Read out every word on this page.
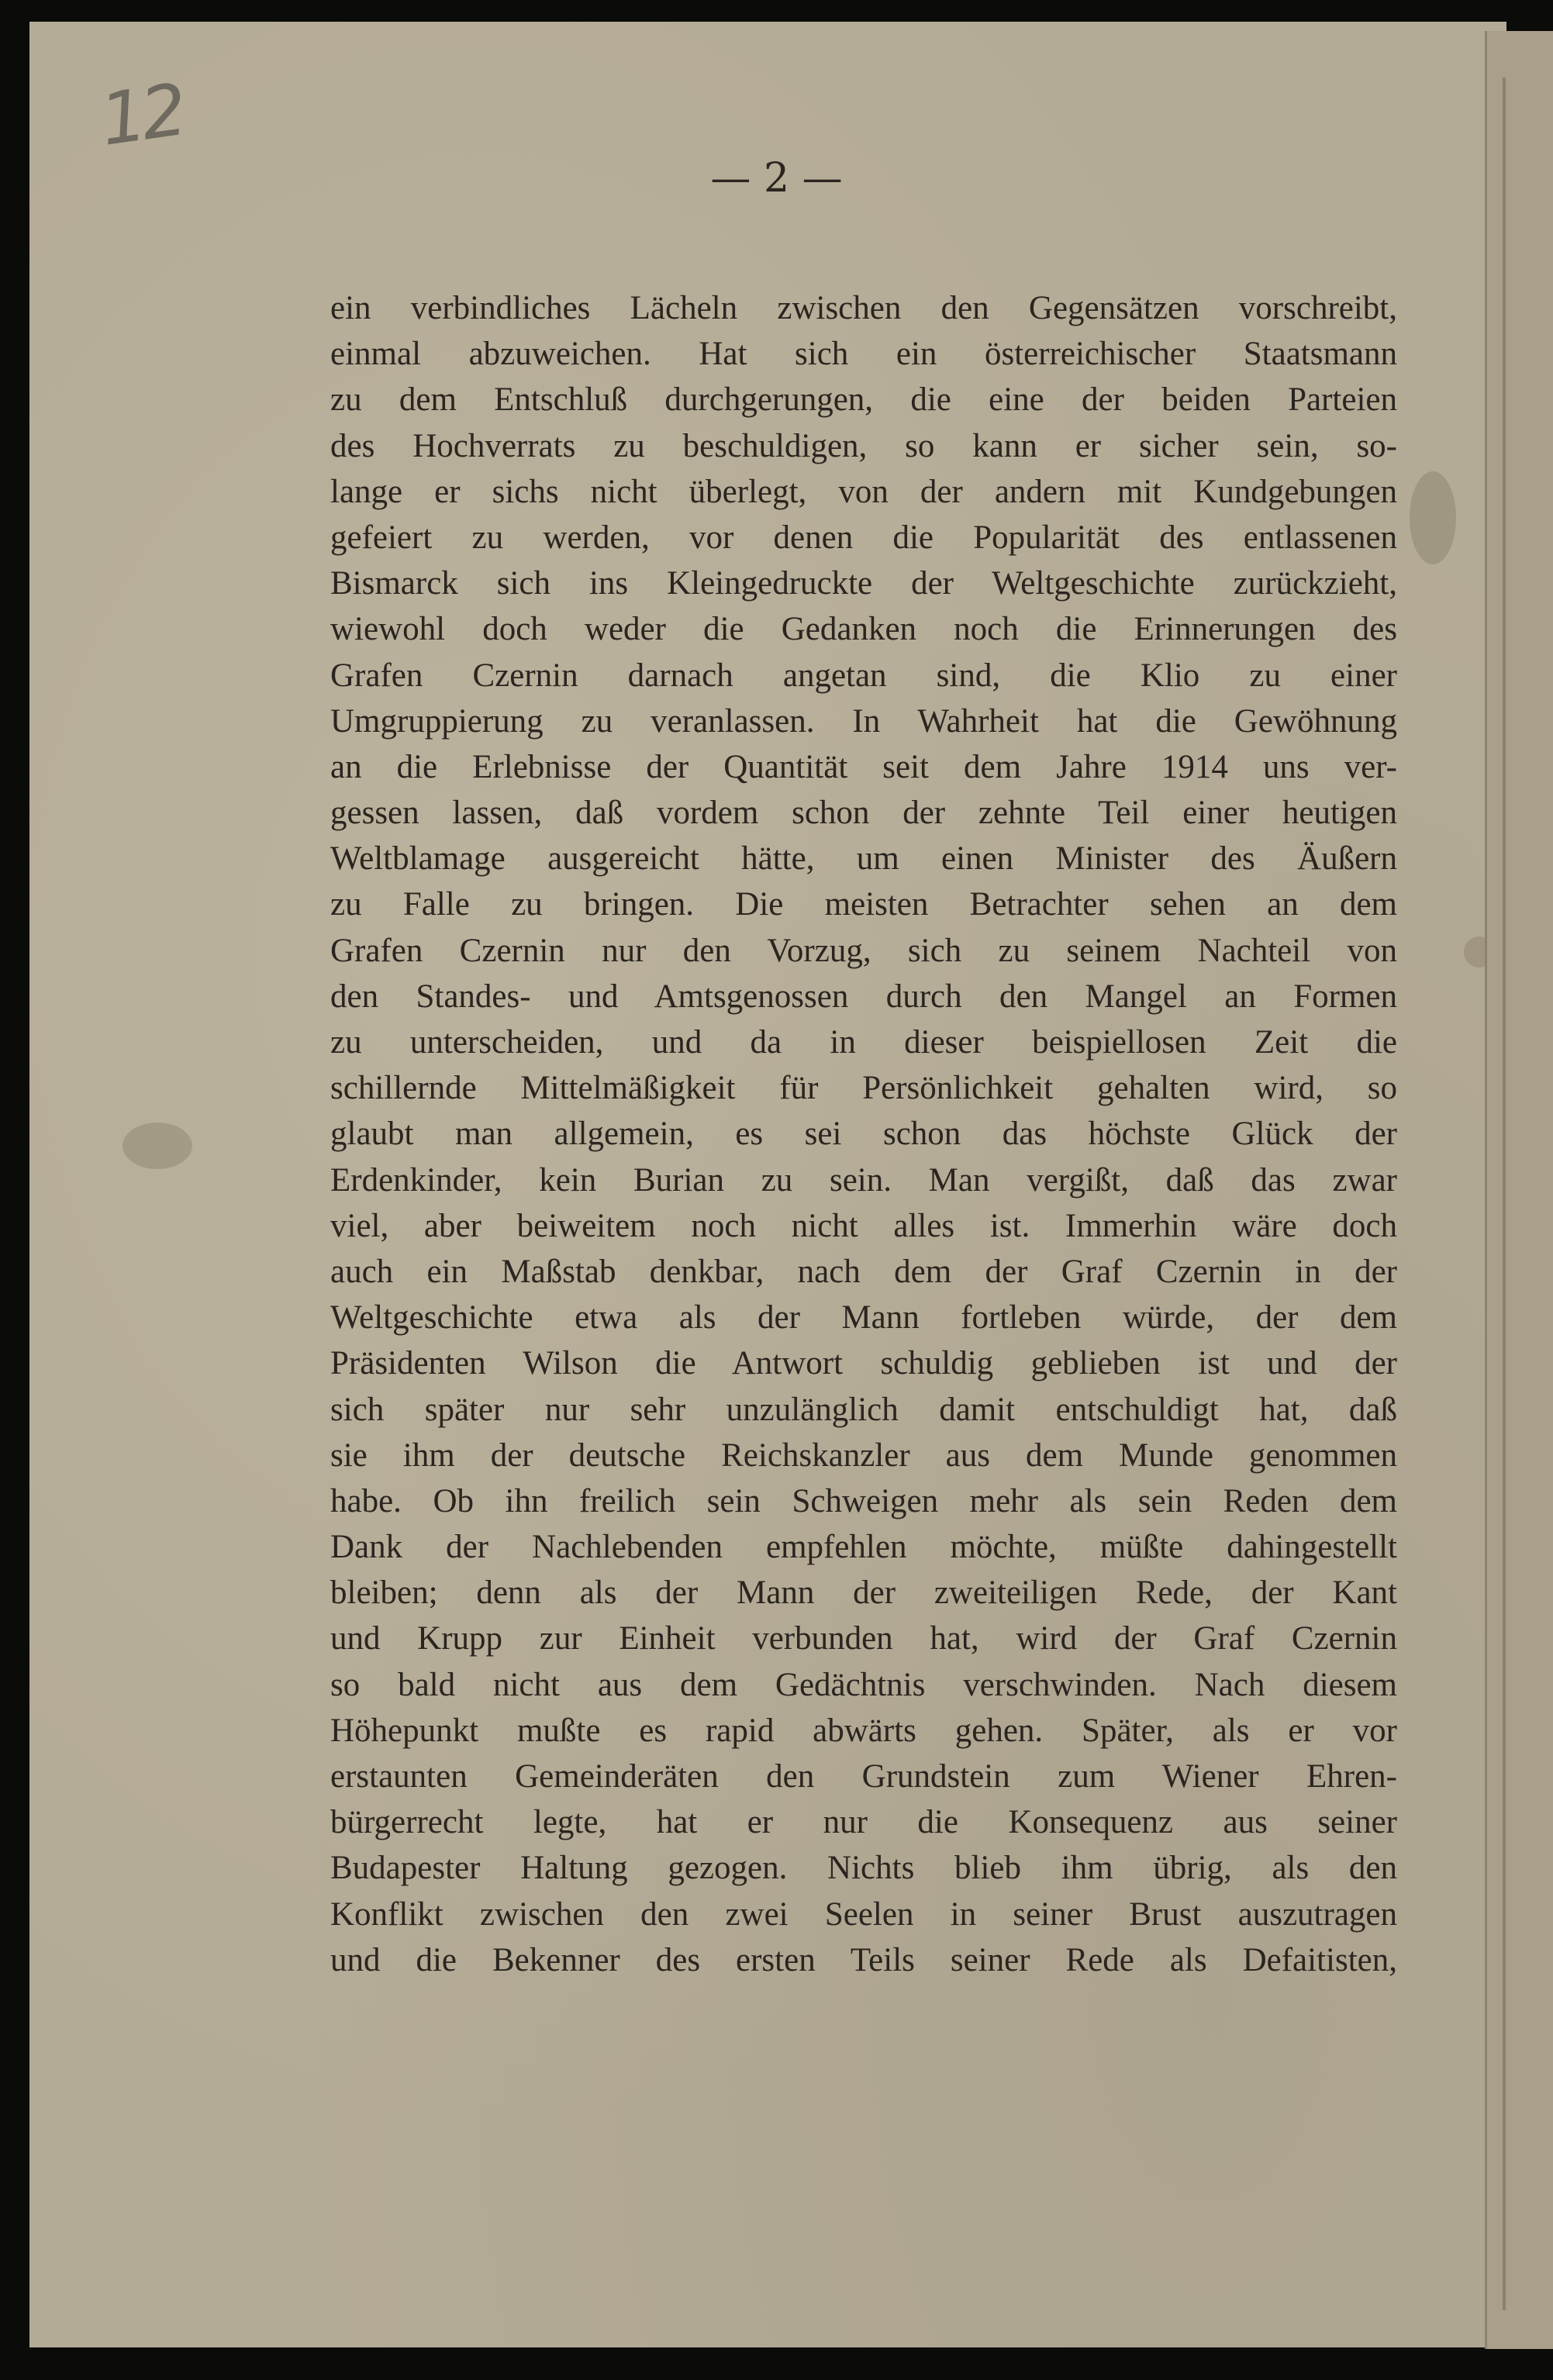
12
— 2 —
ein verbindliches Lächeln zwischen den Gegensätzen vorschreibt,
einmal abzuweichen. Hat sich ein österreichischer Staatsmann
zu dem Entschluß durchgerungen, die eine der beiden Parteien
des Hochverrats zu beschuldigen, so kann er sicher sein, so-
lange er sichs nicht überlegt, von der andern mit Kundgebungen
gefeiert zu werden, vor denen die Popularität des entlassenen
Bismarck sich ins Kleingedruckte der Weltgeschichte zurückzieht,
wiewohl doch weder die Gedanken noch die Erinnerungen des
Grafen Czernin darnach angetan sind, die Klio zu einer
Umgruppierung zu veranlassen. In Wahrheit hat die Gewöhnung
an die Erlebnisse der Quantität seit dem Jahre 1914 uns ver-
gessen lassen, daß vordem schon der zehnte Teil einer heutigen
Weltblamage ausgereicht hätte, um einen Minister des Äußern
zu Falle zu bringen. Die meisten Betrachter sehen an dem
Grafen Czernin nur den Vorzug, sich zu seinem Nachteil von
den Standes- und Amtsgenossen durch den Mangel an Formen
zu unterscheiden, und da in dieser beispiellosen Zeit die
schillernde Mittelmäßigkeit für Persönlichkeit gehalten wird, so
glaubt man allgemein, es sei schon das höchste Glück der
Erdenkinder, kein Burian zu sein. Man vergißt, daß das zwar
viel, aber beiweitem noch nicht alles ist. Immerhin wäre doch
auch ein Maßstab denkbar, nach dem der Graf Czernin in der
Weltgeschichte etwa als der Mann fortleben würde, der dem
Präsidenten Wilson die Antwort schuldig geblieben ist und der
sich später nur sehr unzulänglich damit entschuldigt hat, daß
sie ihm der deutsche Reichskanzler aus dem Munde genommen
habe. Ob ihn freilich sein Schweigen mehr als sein Reden dem
Dank der Nachlebenden empfehlen möchte, müßte dahingestellt
bleiben; denn als der Mann der zweiteiligen Rede, der Kant
und Krupp zur Einheit verbunden hat, wird der Graf Czernin
so bald nicht aus dem Gedächtnis verschwinden. Nach diesem
Höhepunkt mußte es rapid abwärts gehen. Später, als er vor
erstaunten Gemeinderäten den Grundstein zum Wiener Ehren-
bürgerrecht legte, hat er nur die Konsequenz aus seiner
Budapester Haltung gezogen. Nichts blieb ihm übrig, als den
Konflikt zwischen den zwei Seelen in seiner Brust auszutragen
und die Bekenner des ersten Teils seiner Rede als Defaitisten,
